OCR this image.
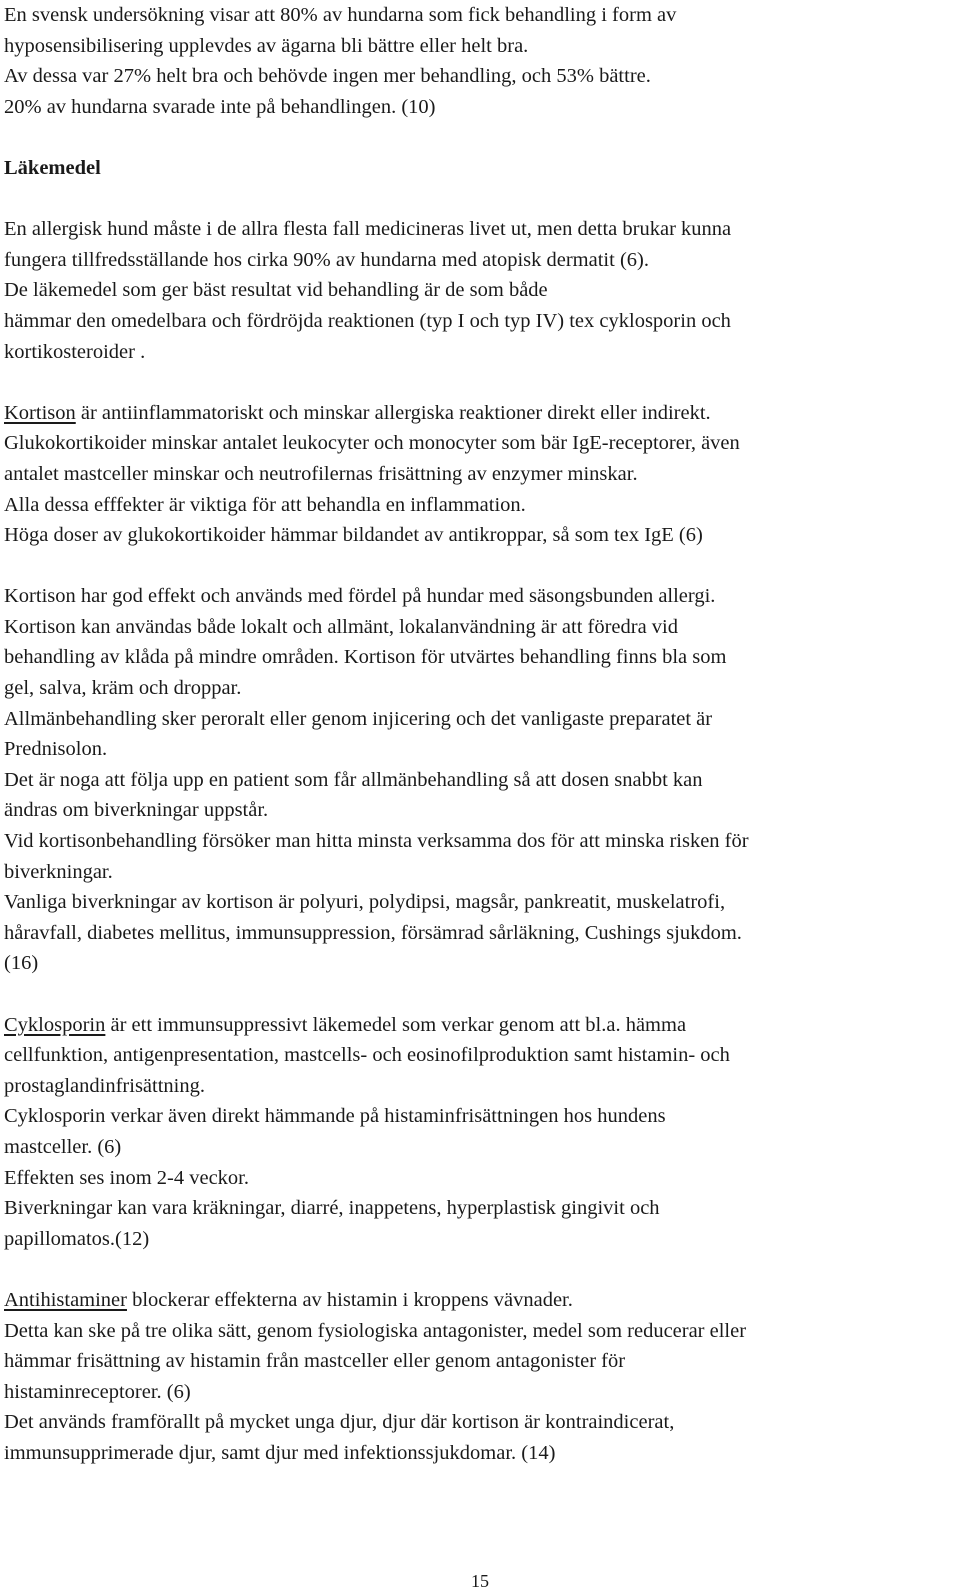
En svensk undersökning visar att 80% av hundarna som fick behandling i form av

hyposensibilisering upplevdes av ägarna bli bättre eller helt bra.

Av dessa var 27% helt bra och behövde ingen mer behandling, och 53% bättre.

20% av hundarna svarade inte på behandlingen. (10)

Läkemedel

En allergisk hund måste i de allra flesta fall medicineras livet ut, men detta brukar kunna

fungera tillfredsställande hos cirka 90% av hundarna med atopisk dermatit (6).

De läkemedel som ger bäst resultat vid behandling är de som både

hämmar den omedelbara och fördröjda reaktionen (typ I och typ IV) tex cyklosporin och

kortikosteroider .

Kortison är antiinflammatoriskt och minskar allergiska reaktioner direkt eller indirekt.

Glukokortikoider minskar antalet leukocyter och monocyter som bär IgE-receptorer, även

antalet mastceller minskar och neutrofilernas frisättning av enzymer minskar.

Alla dessa efffekter är viktiga för att behandla en inflammation.

Höga doser av glukokortikoider hämmar bildandet av antikroppar, så som tex IgE (6)

Kortison har god effekt och används med fördel på hundar med säsongsbunden allergi.

Kortison kan användas både lokalt och allmänt, lokalanvändning är att föredra vid

behandling av klåda på mindre områden. Kortison för utvärtes behandling finns bla som

gel, salva, kräm och droppar.

Allmänbehandling sker peroralt eller genom injicering och det vanligaste preparatet är

Prednisolon.

Det är noga att följa upp en patient som får allmänbehandling så att dosen snabbt kan

ändras om biverkningar uppstår.

Vid kortisonbehandling försöker man hitta minsta verksamma dos för att minska risken för

biverkningar.

Vanliga biverkningar av kortison är polyuri, polydipsi, magsår, pankreatit, muskelatrofi,

håravfall, diabetes mellitus, immunsuppression, försämrad sårläkning, Cushings sjukdom.

(16)

Cyklosporin är ett immunsuppressivt läkemedel som verkar genom att bl.a. hämma

cellfunktion, antigenpresentation, mastcells- och eosinofilproduktion samt histamin- och

prostaglandinfrisättning.

Cyklosporin verkar även direkt hämmande på histaminfrisättningen hos hundens

mastceller. (6)

Effekten ses inom 2-4 veckor.

Biverkningar kan vara kräkningar, diarré, inappetens, hyperplastisk gingivit och

papillomatos.(12)

Antihistaminer blockerar effekterna av histamin i kroppens vävnader.

Detta kan ske på tre olika sätt, genom fysiologiska antagonister, medel som reducerar eller

hämmar frisättning av histamin från mastceller eller genom antagonister för

histaminreceptorer. (6)

Det används framförallt på mycket unga djur, djur där kortison är kontraindicerat,

immunsupprimerade djur, samt djur med infektionssjukdomar. (14)

15
